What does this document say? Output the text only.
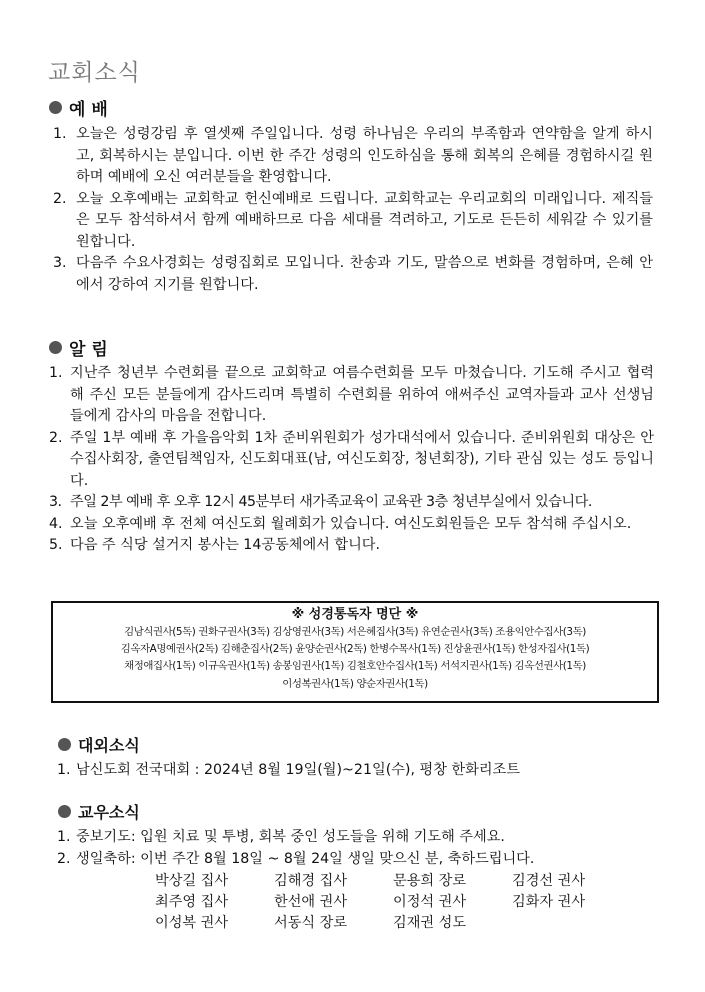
교회소식
예 배
1. 오늘은 성령강림 후 열셋째 주일입니다. 성령 하나님은 우리의 부족함과 연약함을 알게 하시고, 회복하시는 분입니다. 이번 한 주간 성령의 인도하심을 통해 회복의 은혜를 경험하시길 원하며 예배에 오신 여러분들을 환영합니다.
2. 오늘 오후예배는 교회학교 헌신예배로 드립니다. 교회학교는 우리교회의 미래입니다. 제직들은 모두 참석하셔서 함께 예배하므로 다음 세대를 격려하고, 기도로 든든히 세워갈 수 있기를 원합니다.
3. 다음주 수요사경회는 성령집회로 모입니다. 찬송과 기도, 말씀으로 변화를 경험하며, 은혜 안에서 강하여 지기를 원합니다.
알 림
1. 지난주 청년부 수련회를 끝으로 교회학교 여름수련회를 모두 마쳤습니다. 기도해 주시고 협력해 주신 모든 분들에게 감사드리며 특별히 수련회를 위하여 애써주신 교역자들과 교사 선생님들에게 감사의 마음을 전합니다.
2. 주일 1부 예배 후 가을음악회 1차 준비위원회가 성가대석에서 있습니다. 준비위원회 대상은 안수집사회장, 출연팀책임자, 신도회대표(남, 여신도회장, 청년회장), 기타 관심 있는 성도 등입니다.
3. 주일 2부 예배 후 오후 12시 45분부터 새가족교육이 교육관 3층 청년부실에서 있습니다.
4. 오늘 오후예배 후 전체 여신도회 월례회가 있습니다. 여신도회원들은 모두 참석해 주십시오.
5. 다음 주 식당 설거지 봉사는 14공동체에서 합니다.
※ 성경통독자 명단 ※
김남식권사(5독) 권화구권사(3독) 김상영권사(3독) 서은혜집사(3독) 유연순권사(3독) 조용익안수집사(3독)
김옥자A명예권사(2독) 김해춘집사(2독) 윤양순권사(2독) 한병수목사(1독) 진상윤권사(1독) 한성자집사(1독)
채정애집사(1독) 이규옥권사(1독) 송봉임권사(1독) 김철호안수집사(1독) 서석지권사(1독) 김옥선권사(1독)
이성복권사(1독) 양순자권사(1독)
대외소식
1. 남신도회 전국대회 : 2024년 8월 19일(월)~21일(수), 평창 한화리조트
교우소식
1. 중보기도: 입원 치료 및 투병, 회복 중인 성도들을 위해 기도해 주세요.
2. 생일축하: 이번 주간 8월 18일 ~ 8월 24일 생일 맞으신 분, 축하드립니다.
박상길 집사	김해경 집사	문용희 장로	김경선 권사
최주영 집사	한선애 권사	이정석 권사	김화자 권사
이성복 권사	서동식 장로	김재권 성도
